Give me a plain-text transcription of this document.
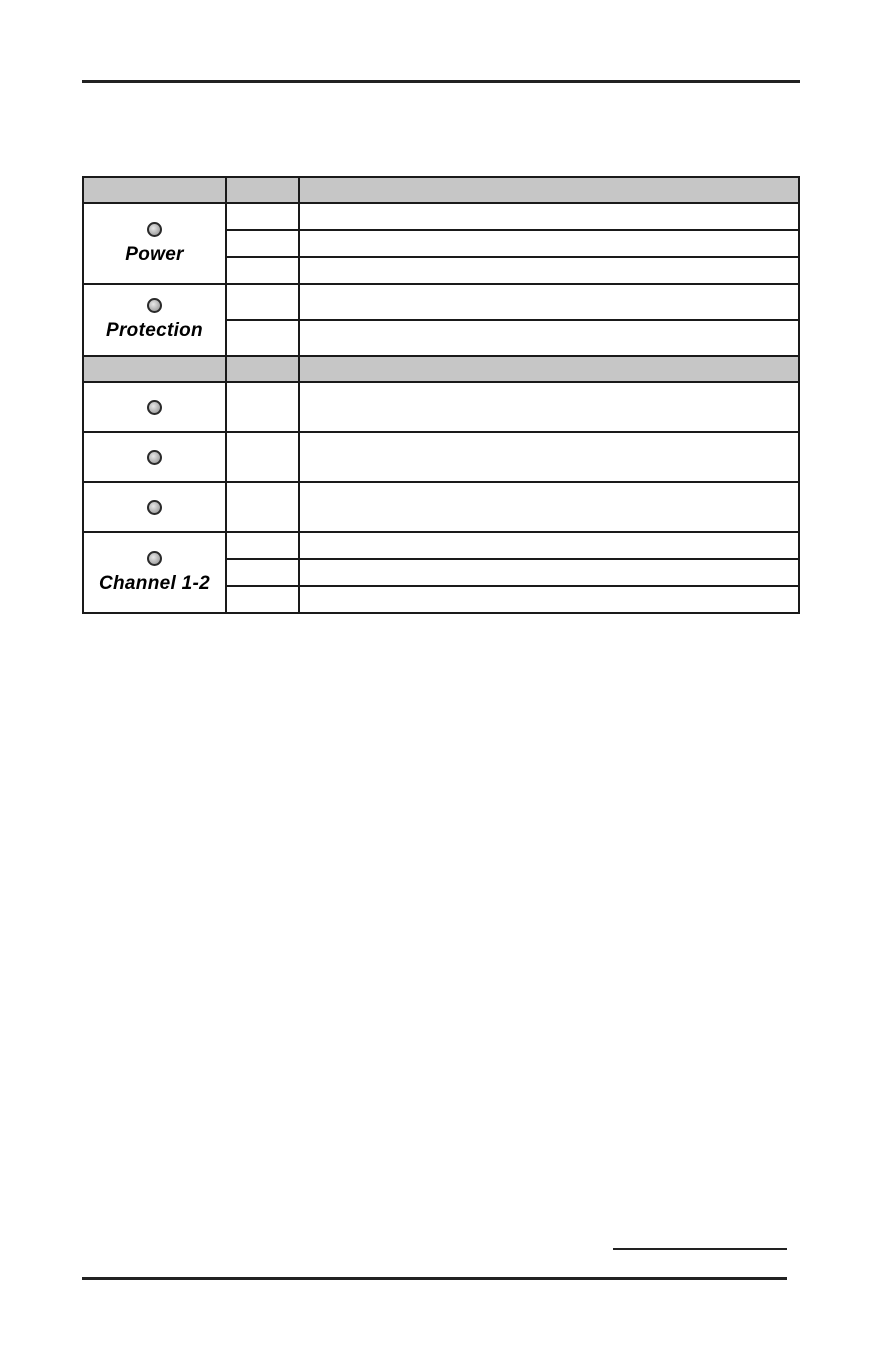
Power		

Protection		

Channel 1-2		
